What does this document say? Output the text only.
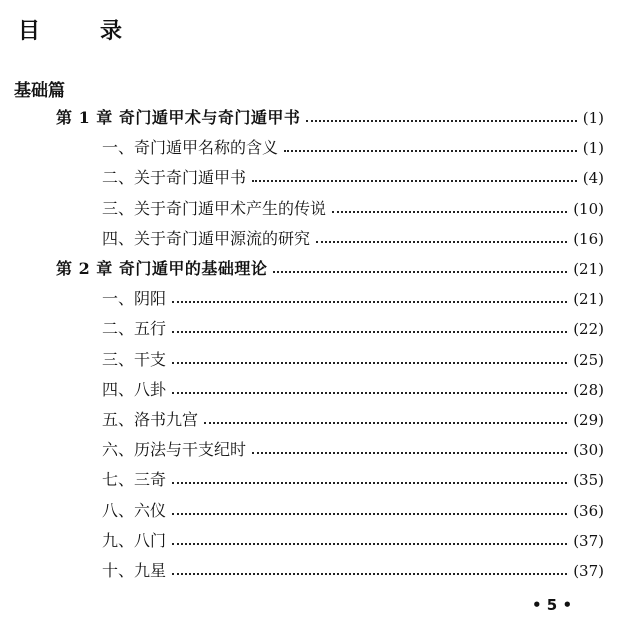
目	录
基础篇
第 1 章 奇门遁甲术与奇门遁甲书	(1)
一、奇门遁甲名称的含义	(1)
二、关于奇门遁甲书	(4)
三、关于奇门遁甲术产生的传说	(10)
四、关于奇门遁甲源流的研究	(16)
第 2 章 奇门遁甲的基础理论	(21)
一、阴阳	(21)
二、五行	(22)
三、干支	(25)
四、八卦	(28)
五、洛书九宫	(29)
六、历法与干支纪时	(30)
七、三奇	(35)
八、六仪	(36)
九、八门	(37)
十、九星	(37)
• 5 •
